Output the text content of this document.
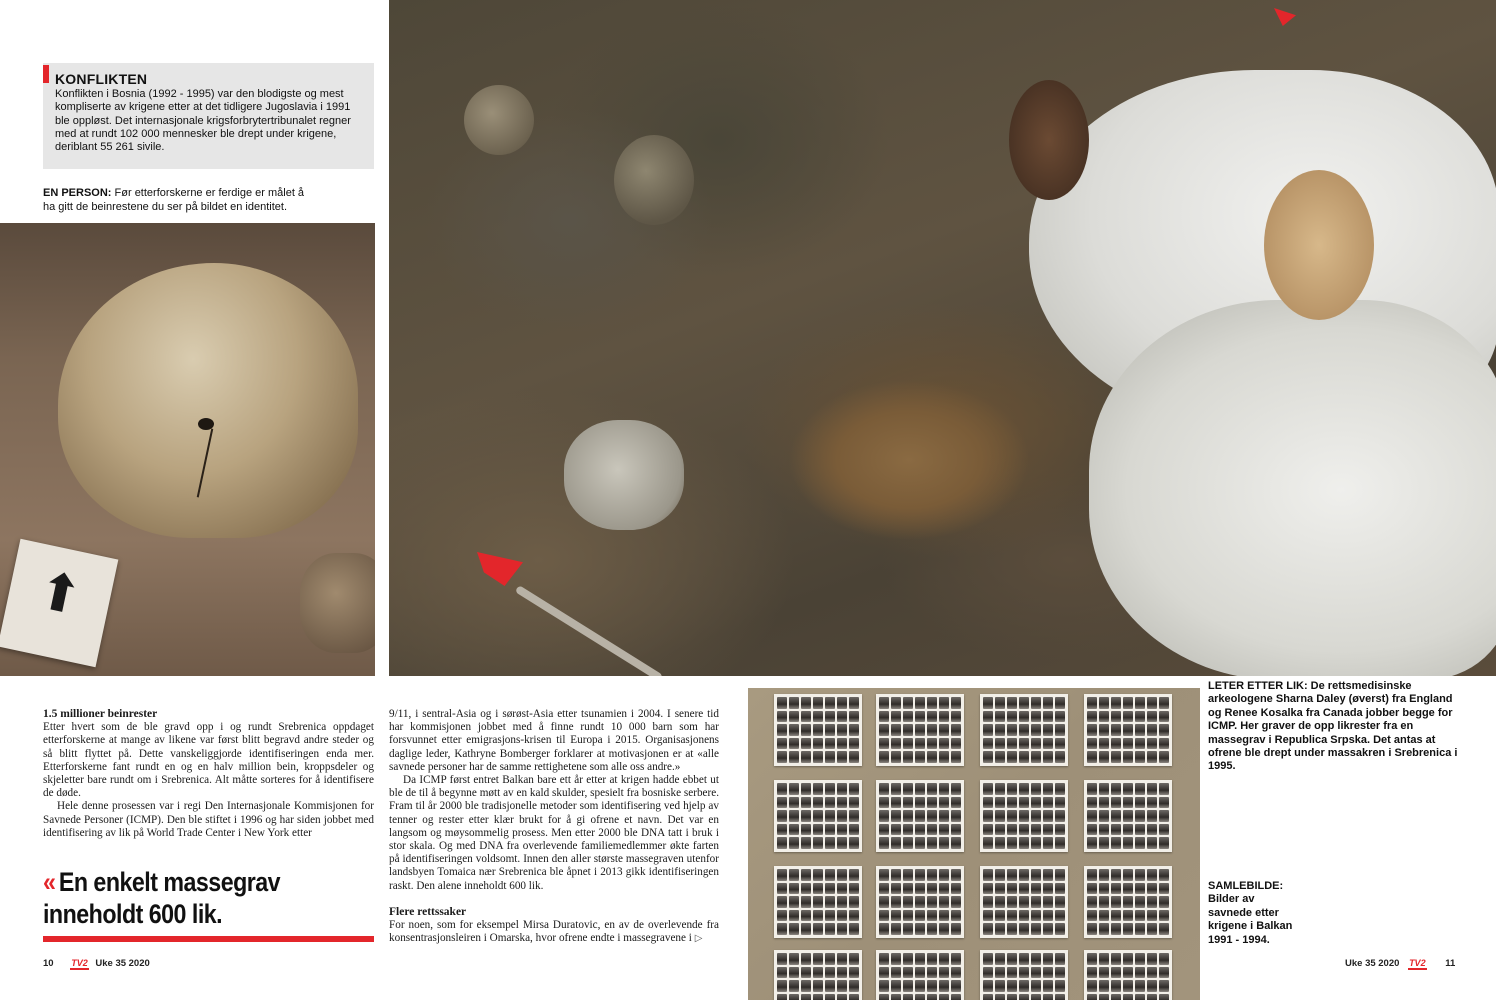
KONFLIKTEN

Konflikten i Bosnia (1992 - 1995) var den blodigste og mest kompliserte av krigene etter at det tidligere Jugoslavia i 1991 ble oppløst. Det internasjonale krigsforbrytertribunalet regner med at rundt 102 000 mennesker ble drept under krigene, deriblant 55 261 sivile.

EN PERSON: Før etterforskerne er ferdige er målet å ha gitt de beinrestene du ser på bildet en identitet.
⬆

1.5 millioner beinrester

Etter hvert som de ble gravd opp i og rundt Srebrenica oppdaget etterforskerne at mange av likene var først blitt begravd andre steder og så blitt flyttet på. Dette vanskeliggjorde identifiseringen enda mer. Etterforskerne fant rundt en og en halv million bein, kroppsdeler og skjeletter bare rundt om i Srebrenica. Alt måtte sorteres for å identifisere de døde.

Hele denne prosessen var i regi Den Internasjonale Kommisjonen for Savnede Personer (ICMP). Den ble stiftet i 1996 og har siden jobbet med identifisering av lik på World Trade Center i New York etter

« En enkelt massegrav inneholdt 600 lik.

9/11, i sentral-Asia og i sørøst-Asia etter tsunamien i 2004. I senere tid har kommisjonen jobbet med å finne rundt 10 000 barn som har forsvunnet etter emigrasjons-krisen til Europa i 2015. Organisasjonens daglige leder, Kathryne Bomberger forklarer at motivasjonen er at «alle savnede personer har de samme rettighetene som alle oss andre.»

Da ICMP først entret Balkan bare ett år etter at krigen hadde ebbet ut ble de til å begynne møtt av en kald skulder, spesielt fra bosniske serbere. Fram til år 2000 ble tradisjonelle metoder som identifisering ved hjelp av tenner og rester etter klær brukt for å gi ofrene et navn. Det var en langsom og møysommelig prosess. Men etter 2000 ble DNA tatt i bruk i stor skala. Og med DNA fra overlevende familiemedlemmer økte farten på identifiseringen voldsomt. Innen den aller største massegraven utenfor landsbyen Tomaica nær Srebrenica ble åpnet i 2013 gikk identifiseringen raskt. Den alene inneholdt 600 lik.

Flere rettssaker

For noen, som for eksempel Mirsa Duratovic, en av de overlevende fra konsentrasjonsleiren i Omarska, hvor ofrene endte i massegravene i ▷

LETER ETTER LIK: De rettsmedisinske arkeologene Sharna Daley (øverst) fra England og Renee Kosalka fra Canada jobber begge for ICMP. Her graver de opp likrester fra en massegrav i Republica Srpska. Det antas at ofrene ble drept under massakren i Srebrenica i 1995.
SAMLEBILDE:
Bilder av savnede etter krigene i Balkan 1991 - 1994.
10 TV2 Uke 35 2020	Uke 35 2020 TV2 11
